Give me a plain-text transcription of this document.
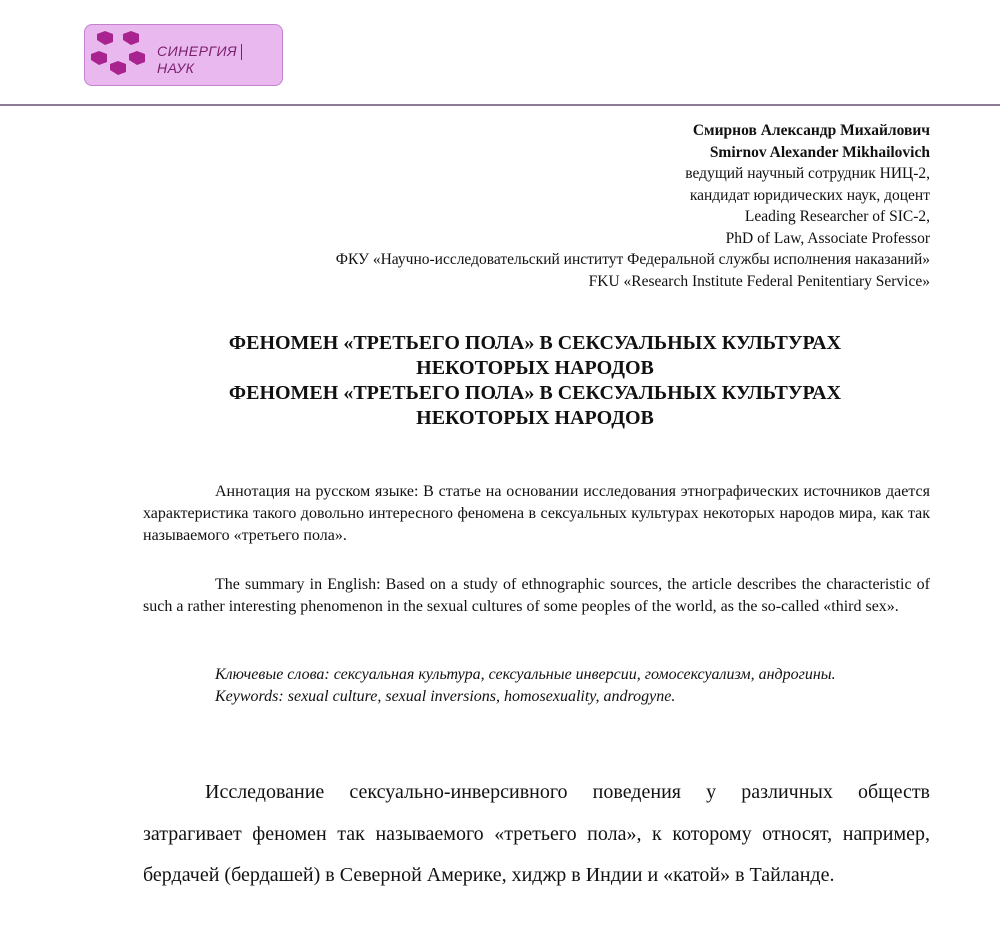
СИНЕРГИЯНАУК
Смирнов Александр Михайлович
Smirnov Alexander Mikhailovich
ведущий научный сотрудник НИЦ-2,
кандидат юридических наук, доцент
Leading Researcher of SIC-2,
PhD of Law, Associate Professor
ФКУ «Научно-исследовательский институт Федеральной службы исполнения наказаний»
FKU «Research Institute Federal Penitentiary Service»
ФЕНОМЕН «ТРЕТЬЕГО ПОЛА» В СЕКСУАЛЬНЫХ КУЛЬТУРАХ
НЕКОТОРЫХ НАРОДОВ
ФЕНОМЕН «ТРЕТЬЕГО ПОЛА» В СЕКСУАЛЬНЫХ КУЛЬТУРАХ
НЕКОТОРЫХ НАРОДОВ

Аннотация на русском языке: В статье на основании исследования этнографических источников дается характеристика такого довольно интересного феномена в сексуальных культурах некоторых народов мира, как так называемого «третьего пола».

The summary in English: Based on a study of ethnographic sources, the article describes the characteristic of such a rather interesting phenomenon in the sexual cultures of some peoples of the world, as the so-called «third sex».

Ключевые слова: сексуальная культура, сексуальные инверсии, гомосексуализм, андрогины.

Keywords: sexual culture, sexual inversions, homosexuality, androgyne.

Исследование сексуально-инверсивного поведения у различных обществ затрагивает феномен так называемого «третьего пола», к которому относят, например, бердачей (бердашей) в Северной Америке, хиджр в Индии и «катой» в Тайланде.
